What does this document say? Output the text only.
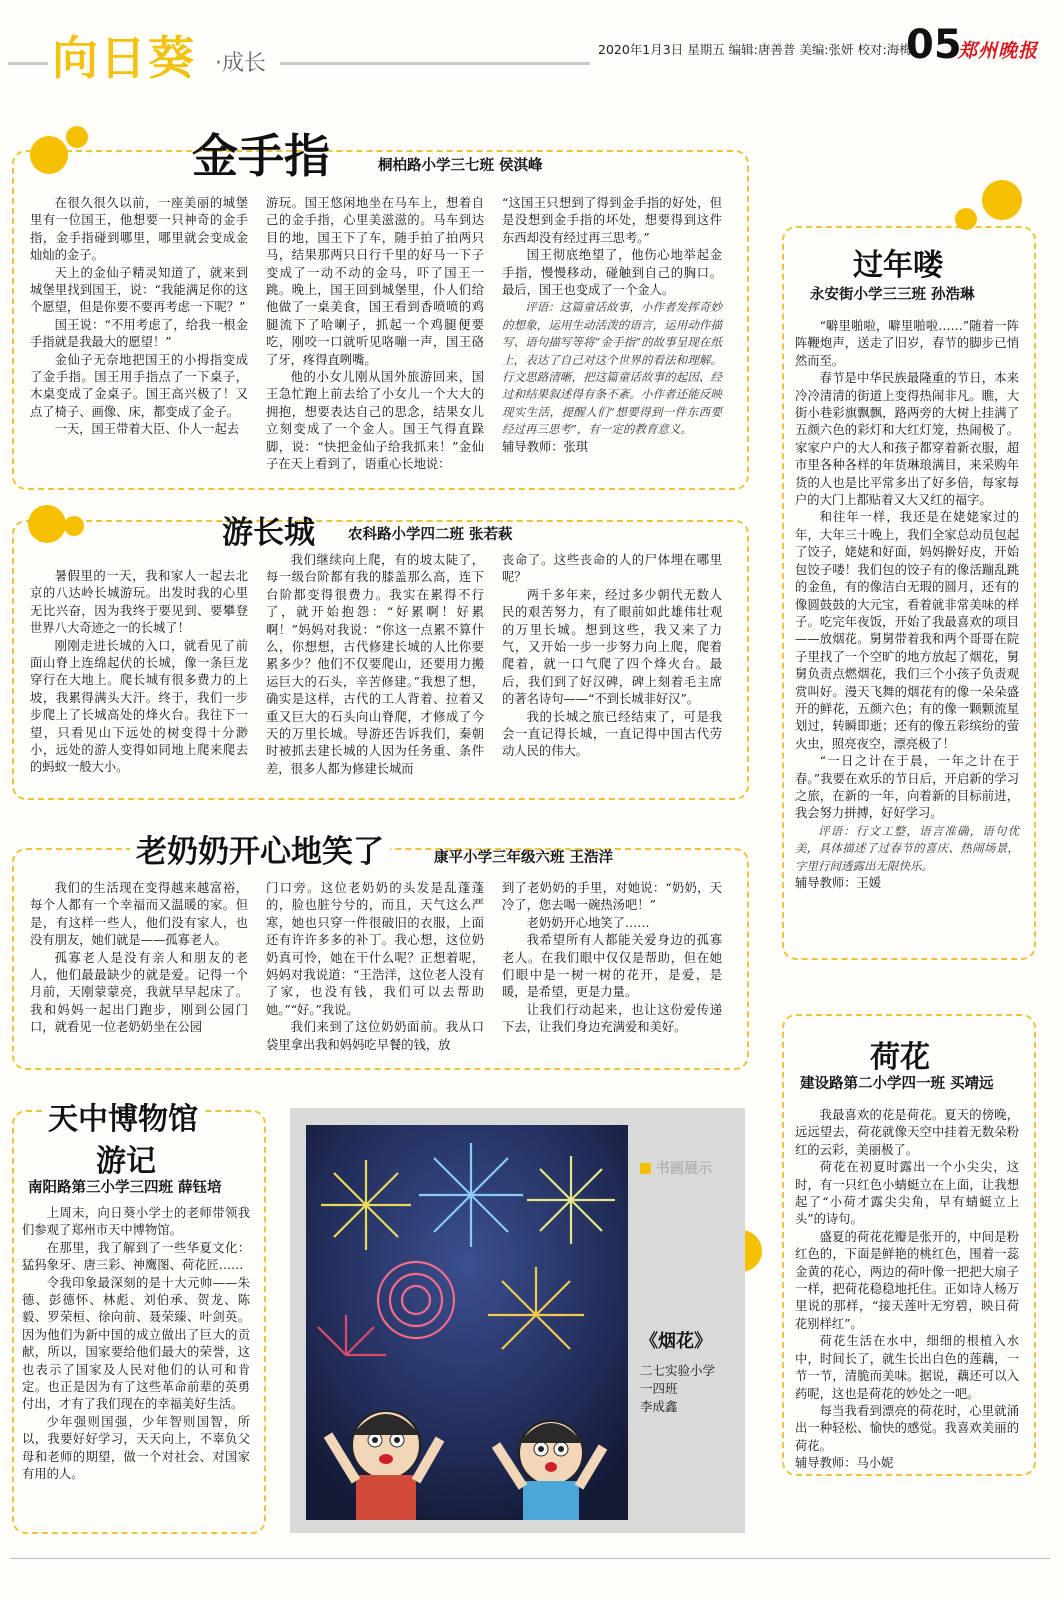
向日葵 ·成长
2020年1月3日 星期五 编辑:唐善普 美编:张妍 校对:海梅
05
郑州晚报
金手指	桐柏路小学三七班 侯淇峰

在很久很久以前，一座美丽的城堡里有一位国王，他想要一只神奇的金手指，金手指碰到哪里，哪里就会变成金灿灿的金子。

天上的金仙子精灵知道了，就来到城堡里找到国王，说：“我能满足你的这个愿望，但是你要不要再考虑一下呢？”

国王说：“不用考虑了，给我一根金手指就是我最大的愿望！”

金仙子无奈地把国王的小拇指变成了金手指。国王用手指点了一下桌子，木桌变成了金桌子。国王高兴极了！又点了椅子、画像、床，都变成了金子。

一天，国王带着大臣、仆人一起去

游玩。国王悠闲地坐在马车上，想着自己的金手指，心里美滋滋的。马车到达目的地，国王下了车，随手拍了拍两只马，结果那两只日行千里的好马一下子变成了一动不动的金马，吓了国王一跳。晚上，国王回到城堡里，仆人们给他做了一桌美食，国王看到香喷喷的鸡腿流下了哈喇子，抓起一个鸡腿便要吃，刚咬一口就听见咯嘣一声，国王硌了牙，疼得直咧嘴。

他的小女儿刚从国外旅游回来，国王急忙跑上前去给了小女儿一个大大的拥抱，想要表达自己的思念，结果女儿立刻变成了一个金人。国王气得直跺脚，说：“快把金仙子给我抓来！”金仙子在天上看到了，语重心长地说：

“这国王只想到了得到金手指的好处，但是没想到金手指的坏处，想要得到这件东西却没有经过再三思考。”

国王彻底绝望了，他伤心地举起金手指，慢慢移动，碰触到自己的胸口。最后，国王也变成了一个金人。

评语：这篇童话故事，小作者发挥奇妙的想象，运用生动活泼的语言，运用动作描写、语句描写等将“金手指”的故事呈现在纸上，表达了自己对这个世界的看法和理解。行文思路清晰，把这篇童话故事的起因、经过和结果叙述得有条不紊。小作者还能反映现实生活，提醒人们“想要得到一件东西要经过再三思考”，有一定的教育意义。

辅导教师：张琪

游长城 农科路小学四二班 张若萩

暑假里的一天，我和家人一起去北京的八达岭长城游玩。出发时我的心里无比兴奋，因为我终于要见到、要攀登世界八大奇迹之一的长城了！

刚刚走进长城的入口，就看见了前面山脊上连绵起伏的长城，像一条巨龙穿行在大地上。爬长城有很多费力的上坡，我累得满头大汗。终于，我们一步步爬上了长城高处的烽火台。我往下一望，只看见山下远处的树变得十分渺小，远处的游人变得如同地上爬来爬去的蚂蚁一般大小。

我们继续向上爬，有的坡太陡了，每一级台阶都有我的膝盖那么高，连下台阶都变得很费力。我实在累得不行了，就开始抱怨：“好累啊！好累啊！”妈妈对我说：“你这一点累不算什么，你想想，古代修建长城的人比你要累多少？他们不仅要爬山，还要用力搬运巨大的石头，辛苦修建。”我想了想，确实是这样，古代的工人背着、拉着又重又巨大的石头向山脊爬，才修成了今天的万里长城。导游还告诉我们，秦朝时被抓去建长城的人因为任务重、条件差，很多人都为修建长城而

丧命了。这些丧命的人的尸体埋在哪里呢？

两千多年来，经过多少朝代无数人民的艰苦努力，有了眼前如此雄伟壮观的万里长城。想到这些，我又来了力气，又开始一步一步努力向上爬，爬着爬着，就一口气爬了四个烽火台。最后，我们到了好汉碑，碑上刻着毛主席的著名诗句——“不到长城非好汉”。

我的长城之旅已经结束了，可是我会一直记得长城，一直记得中国古代劳动人民的伟大。

老奶奶开心地笑了	康平小学三年级六班 王浩洋

我们的生活现在变得越来越富裕，每个人都有一个幸福而又温暖的家。但是，有这样一些人，他们没有家人，也没有朋友，她们就是——孤寡老人。

孤寡老人是没有亲人和朋友的老人，他们最最缺少的就是爱。记得一个月前，天刚蒙蒙亮，我就早早起床了。我和妈妈一起出门跑步，刚到公园门口，就看见一位老奶奶坐在公园

门口旁。这位老奶奶的头发是乱蓬蓬的，脸也脏兮兮的，而且，天气这么严寒，她也只穿一件很破旧的衣服，上面还有许许多多的补丁。我心想，这位奶奶真可怜，她在干什么呢？正想着呢，妈妈对我说道：“王浩洋，这位老人没有了家，也没有钱，我们可以去帮助她。”“好。”我说。

我们来到了这位奶奶面前。我从口袋里拿出我和妈妈吃早餐的钱，放

到了老奶奶的手里，对她说：“奶奶，天冷了，您去喝一碗热汤吧！”

老奶奶开心地笑了……

我希望所有人都能关爱身边的孤寡老人。在我们眼中仅仅是帮助，但在她们眼中是一树一树的花开，是爱，是暖，是希望，更是力量。

让我们行动起来，也让这份爱传递下去，让我们身边充满爱和美好。

过年喽
永安街小学三三班 孙浩琳

“噼里啪啦，噼里啪啦……”随着一阵阵鞭炮声，送走了旧岁，春节的脚步已悄然而至。

春节是中华民族最隆重的节日，本来冷冷清清的街道上变得热闹非凡。瞧，大街小巷彩旗飘飘，路两旁的大树上挂满了五颜六色的彩灯和大红灯笼，热闹极了。家家户户的大人和孩子都穿着新衣服，超市里各种各样的年货琳琅满目，来采购年货的人也是比平常多出了好多倍，每家每户的大门上都贴着又大又红的福字。

和往年一样，我还是在姥姥家过的年，大年三十晚上，我们全家总动员包起了饺子，姥姥和好面，妈妈擀好皮，开始包饺子喽！我们包的饺子有的像活蹦乱跳的金鱼，有的像洁白无瑕的圆月，还有的像圆鼓鼓的大元宝，看着就非常美味的样子。吃完年夜饭，开始了我最喜欢的项目——放烟花。舅舅带着我和两个哥哥在院子里找了一个空旷的地方放起了烟花，舅舅负责点燃烟花，我们三个小孩子负责观赏叫好。漫天飞舞的烟花有的像一朵朵盛开的鲜花，五颜六色；有的像一颗颗流星划过，转瞬即逝；还有的像五彩缤纷的萤火虫，照亮夜空，漂亮极了！

“一日之计在于晨，一年之计在于春。”我要在欢乐的节日后，开启新的学习之旅，在新的一年，向着新的目标前进，我会努力拼搏，好好学习。

评语：行文工整，语言准确，语句优美，具体描述了过春节的喜庆、热闹场景，字里行间透露出无限快乐。

辅导教师：王媛

荷花
建设路第二小学四一班 买靖远

我最喜欢的花是荷花。夏天的傍晚，远远望去，荷花就像天空中挂着无数朵粉红的云彩，美丽极了。

荷花在初夏时露出一个小尖尖，这时，有一只红色小蜻蜓立在上面，让我想起了“小荷才露尖尖角，早有蜻蜓立上头”的诗句。

盛夏的荷花花瓣是张开的，中间是粉红色的，下面是鲜艳的桃红色，围着一蕊金黄的花心，两边的荷叶像一把把大扇子一样，把荷花稳稳地托住。正如诗人杨万里说的那样，“接天莲叶无穷碧，映日荷花别样红”。

荷花生活在水中，细细的根植入水中，时间长了，就生长出白色的莲藕，一节一节，清脆而美味。据说，藕还可以入药呢，这也是荷花的妙处之一吧。

每当我看到漂亮的荷花时，心里就涌出一种轻松、愉快的感觉。我喜欢美丽的荷花。

辅导教师：马小妮

天中博物馆
游记
南阳路第三小学三四班 薛钰培

上周末，向日葵小学士的老师带领我们参观了郑州市天中博物馆。

在那里，我了解到了一些华夏文化：猛犸象牙、唐三彩、神鹰图、荷花匠……

令我印象最深刻的是十大元帅——朱德、彭德怀、林彪、刘伯承、贺龙、陈毅、罗荣桓、徐向前、聂荣臻、叶剑英。因为他们为新中国的成立做出了巨大的贡献，所以，国家要给他们最大的荣誉，这也表示了国家及人民对他们的认可和肯定。也正是因为有了这些革命前辈的英勇付出，才有了我们现在的幸福美好生活。

少年强则国强，少年智则国智，所以，我要好好学习，天天向上，不辜负父母和老师的期望，做一个对社会、对国家有用的人。

书画展示
《烟花》
二七实验小学
一四班
李成鑫
